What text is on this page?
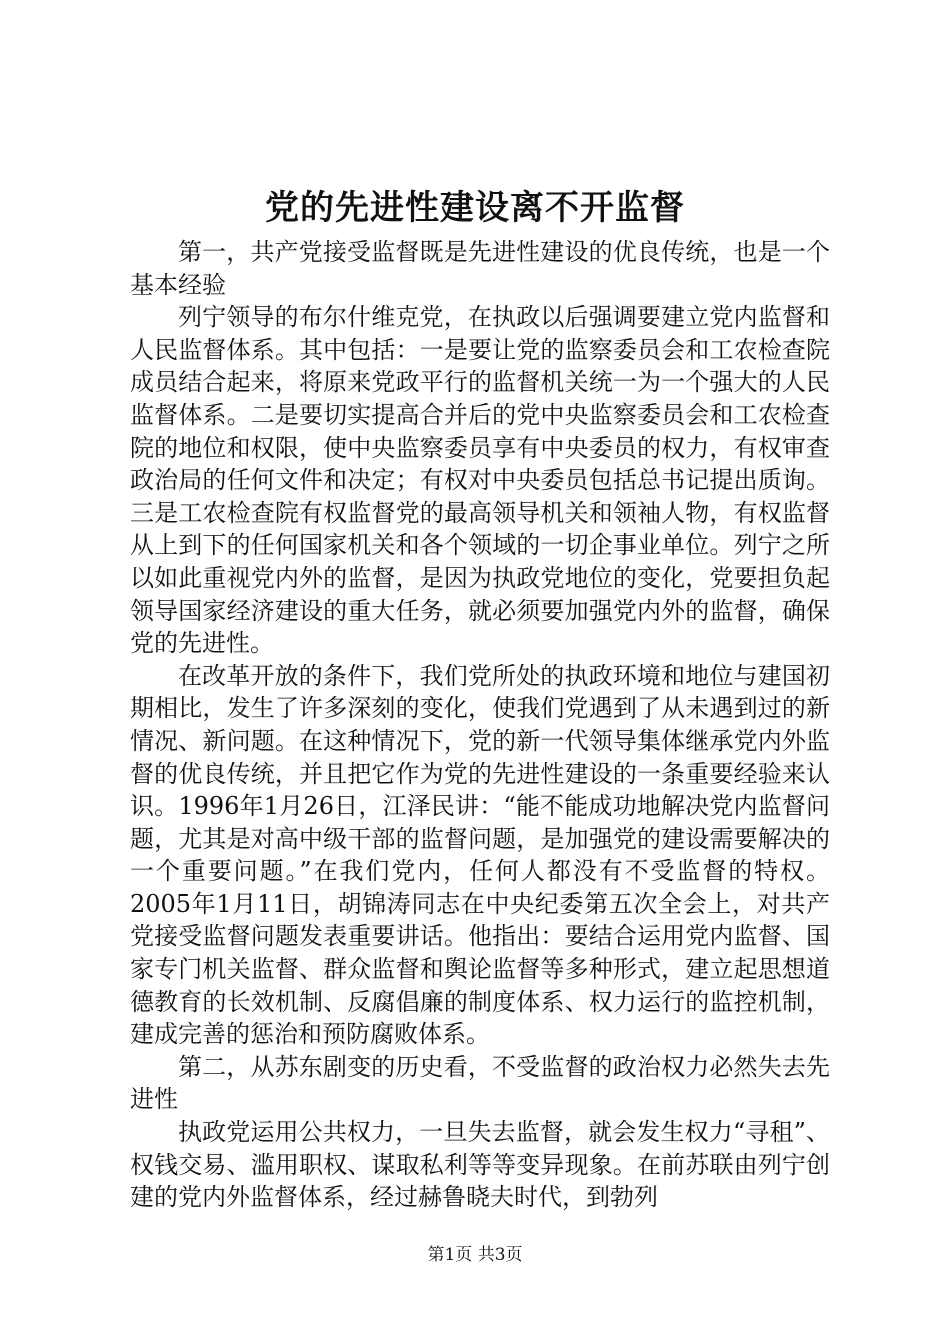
党的先进性建设离不开监督

第一，共产党接受监督既是先进性建设的优良传统，也是一个基本经验

列宁领导的布尔什维克党，在执政以后强调要建立党内监督和人民监督体系。其中包括：一是要让党的监察委员会和工农检查院成员结合起来，将原来党政平行的监督机关统一为一个强大的人民监督体系。二是要切实提高合并后的党中央监察委员会和工农检查院的地位和权限，使中央监察委员享有中央委员的权力，有权审查政治局的任何文件和决定；有权对中央委员包括总书记提出质询。三是工农检查院有权监督党的最高领导机关和领袖人物，有权监督从上到下的任何国家机关和各个领域的一切企事业单位。列宁之所以如此重视党内外的监督，是因为执政党地位的变化，党要担负起领导国家经济建设的重大任务，就必须要加强党内外的监督，确保党的先进性。

在改革开放的条件下，我们党所处的执政环境和地位与建国初期相比，发生了许多深刻的变化，使我们党遇到了从未遇到过的新情况、新问题。在这种情况下，党的新一代领导集体继承党内外监督的优良传统，并且把它作为党的先进性建设的一条重要经验来认识。1996年1月26日，江泽民讲：“能不能成功地解决党内监督问题，尤其是对高中级干部的监督问题，是加强党的建设需要解决的一个重要问题。”在我们党内，任何人都没有不受监督的特权。2005年1月11日，胡锦涛同志在中央纪委第五次全会上，对共产党接受监督问题发表重要讲话。他指出：要结合运用党内监督、国家专门机关监督、群众监督和舆论监督等多种形式，建立起思想道德教育的长效机制、反腐倡廉的制度体系、权力运行的监控机制，建成完善的惩治和预防腐败体系。

第二，从苏东剧变的历史看，不受监督的政治权力必然失去先进性

执政党运用公共权力，一旦失去监督，就会发生权力“寻租”、权钱交易、滥用职权、谋取私利等等变异现象。在前苏联由列宁创建的党内外监督体系，经过赫鲁晓夫时代，到勃列

第1页 共3页
